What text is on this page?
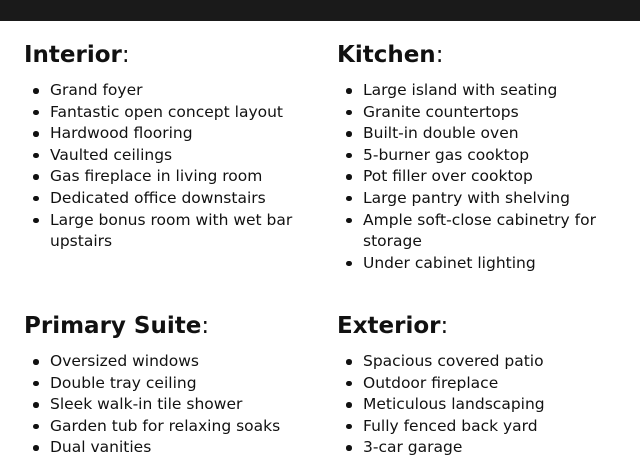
Interior:
Grand foyer
Fantastic open concept layout
Hardwood flooring
Vaulted ceilings
Gas fireplace in living room
Dedicated office downstairs
Large bonus room with wet bar upstairs
Kitchen:
Large island with seating
Granite countertops
Built-in double oven
5-burner gas cooktop
Pot filler over cooktop
Large pantry with shelving
Ample soft-close cabinetry for storage
Under cabinet lighting
Primary Suite:
Oversized windows
Double tray ceiling
Sleek walk-in tile shower
Garden tub for relaxing soaks
Dual vanities
Exterior:
Spacious covered patio
Outdoor fireplace
Meticulous landscaping
Fully fenced back yard
3-car garage
